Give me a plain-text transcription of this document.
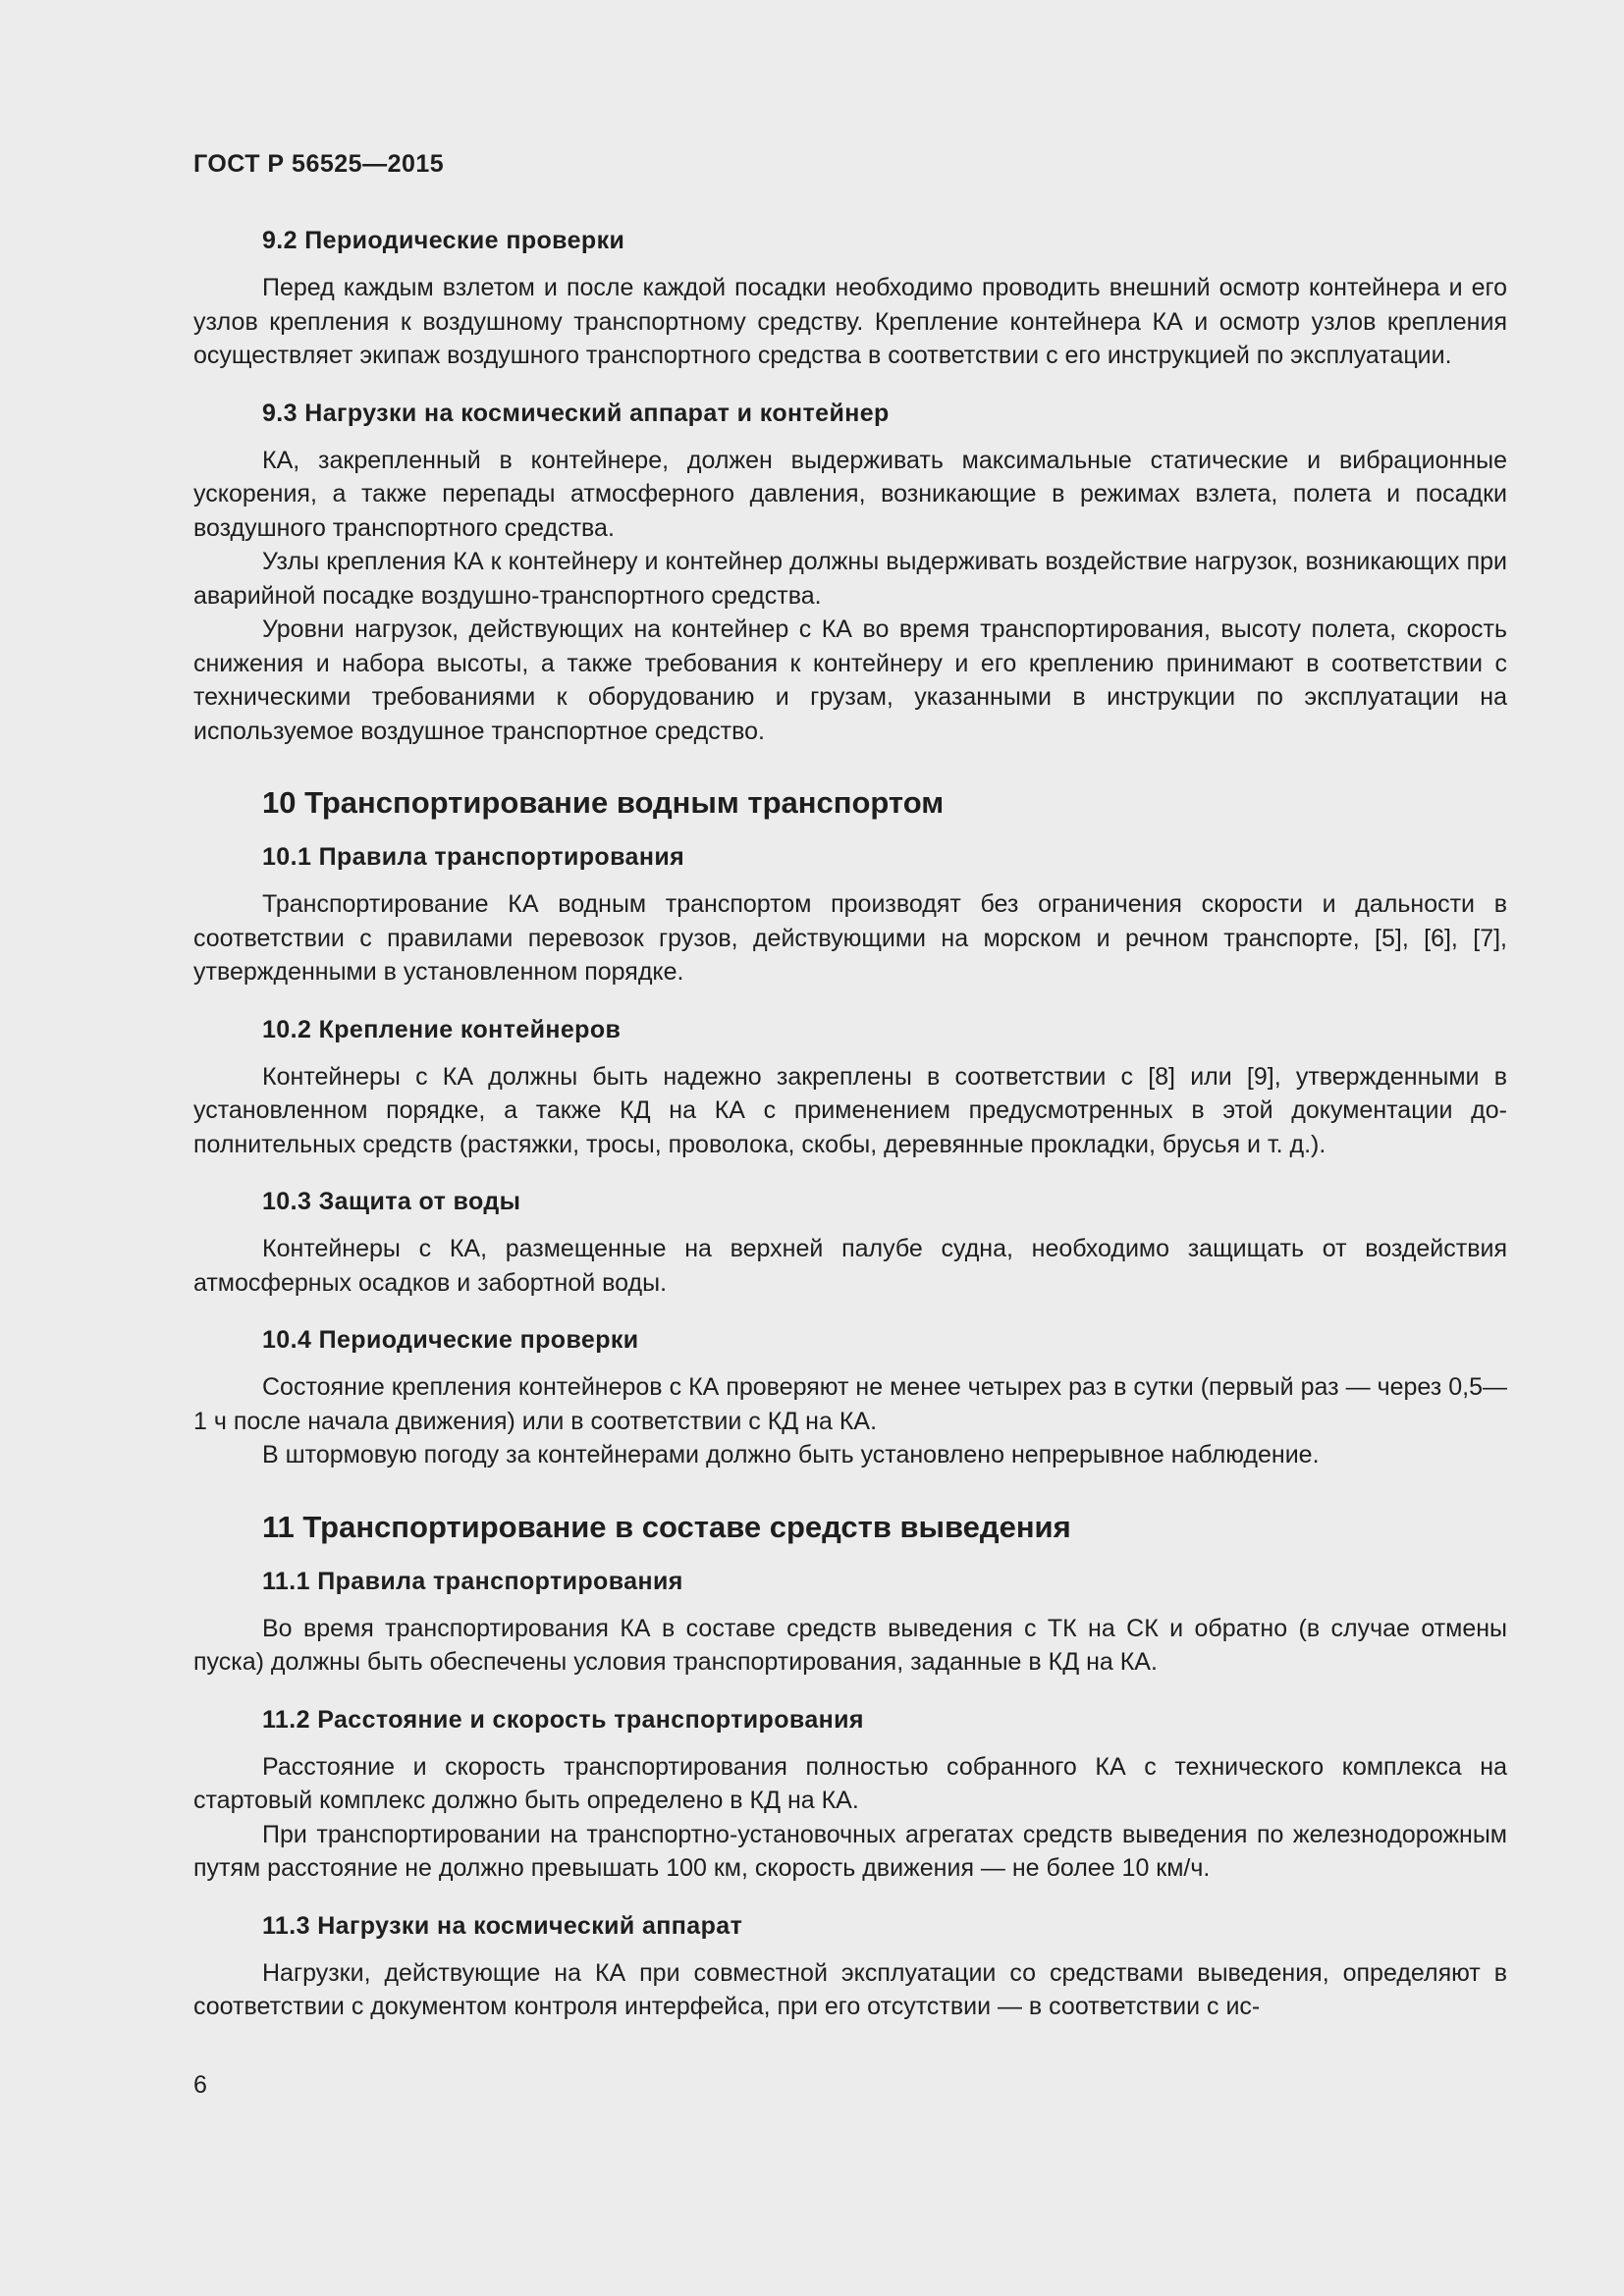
ГОСТ Р 56525—2015
9.2 Периодические проверки

Перед каждым взлетом и после каждой посадки необходимо проводить внешний осмотр контейнера и его узлов крепления к воздушному транспортному средству. Крепление контейнера КА и осмотр узлов крепления осуществляет экипаж воздушного транспортного средства в соответствии с его инструкцией по эксплуатации.

9.3 Нагрузки на космический аппарат и контейнер

КА, закрепленный в контейнере, должен выдерживать максимальные статические и вибрационные ускорения, а также перепады атмосферного давления, возникающие в режимах взлета, полета и посадки воздушного транспортного средства.

Узлы крепления КА к контейнеру и контейнер должны выдерживать воздействие нагрузок, возникающих при аварийной посадке воздушно-транспортного средства.

Уровни нагрузок, действующих на контейнер с КА во время транспортирования, высоту полета, скорость снижения и набора высоты, а также требования к контейнеру и его креплению принимают в соответствии с техническими требованиями к оборудованию и грузам, указанными в инструкции по эксплуатации на используемое воздушное транспортное средство.

10 Транспортирование водным транспортом
10.1 Правила транспортирования

Транспортирование КА водным транспортом производят без ограничения скорости и дальности в соответствии с правилами перевозок грузов, действующими на морском и речном транспорте, [5], [6], [7], утвержденными в установленном порядке.

10.2 Крепление контейнеров

Контейнеры с КА должны быть надежно закреплены в соответствии с [8] или [9], утвержденными в установленном порядке, а также КД на КА с применением предусмотренных в этой документации дополнительных средств (растяжки, тросы, проволока, скобы, деревянные прокладки, брусья и т. д.).

10.3 Защита от воды

Контейнеры с КА, размещенные на верхней палубе судна, необходимо защищать от воздействия атмосферных осадков и забортной воды.

10.4 Периодические проверки

Состояние крепления контейнеров с КА проверяют не менее четырех раз в сутки (первый раз — через 0,5—1 ч после начала движения) или в соответствии с КД на КА.

В штормовую погоду за контейнерами должно быть установлено непрерывное наблюдение.

11 Транспортирование в составе средств выведения
11.1 Правила транспортирования

Во время транспортирования КА в составе средств выведения с ТК на СК и обратно (в случае отмены пуска) должны быть обеспечены условия транспортирования, заданные в КД на КА.

11.2 Расстояние и скорость транспортирования

Расстояние и скорость транспортирования полностью собранного КА с технического комплекса на стартовый комплекс должно быть определено в КД на КА.

При транспортировании на транспортно-установочных агрегатах средств выведения по железнодорожным путям расстояние не должно превышать 100 км, скорость движения — не более 10 км/ч.

11.3 Нагрузки на космический аппарат

Нагрузки, действующие на КА при совместной эксплуатации со средствами выведения, определяют в соответствии с документом контроля интерфейса, при его отсутствии — в соответствии с ис-

6
